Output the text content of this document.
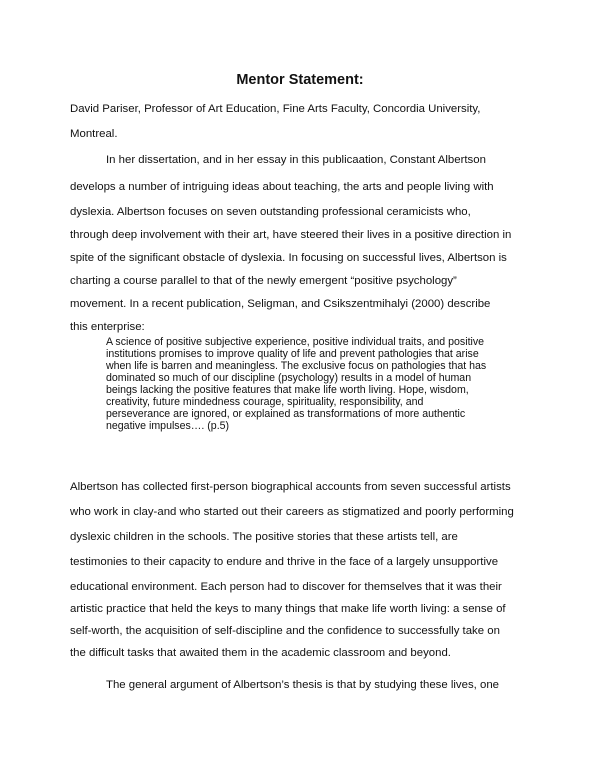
Mentor Statement:

David Pariser, Professor of Art Education, Fine Arts Faculty, Concordia University,

Montreal.

In her dissertation, and in her essay in this publicaation, Constant Albertson

develops a number of intriguing ideas about teaching, the arts and people living with

dyslexia. Albertson focuses on seven outstanding professional ceramicists who,

through deep involvement with their art, have steered their lives in a positive direction in

spite of the significant obstacle of dyslexia. In focusing on successful lives, Albertson is

charting a course parallel to that of the newly emergent “positive psychology”

movement. In a recent publication, Seligman, and Csikszentmihalyi (2000) describe

this enterprise:

A science of positive subjective experience, positive individual traits, and positive

institutions promises to improve quality of life and prevent pathologies that arise

when life is barren and meaningless. The exclusive focus on pathologies that has

dominated so much of our discipline (psychology) results in a model of human

beings lacking the positive features that make life worth living. Hope, wisdom,

creativity, future mindedness courage, spirituality, responsibility, and

perseverance are ignored, or explained as transformations of more authentic

negative impulses…. (p.5)

Albertson has collected first-person biographical accounts from seven successful artists

who work in clay-and who started out their careers as stigmatized and poorly performing

dyslexic children in the schools. The positive stories that these artists tell, are

testimonies to their capacity to endure and thrive in the face of a largely unsupportive

educational environment. Each person had to discover for themselves that it was their

artistic practice that held the keys to many things that make life worth living: a sense of

self-worth, the acquisition of self-discipline and the confidence to successfully take on

the difficult tasks that awaited them in the academic classroom and beyond.

The general argument of Albertson’s thesis is that by studying these lives, one
